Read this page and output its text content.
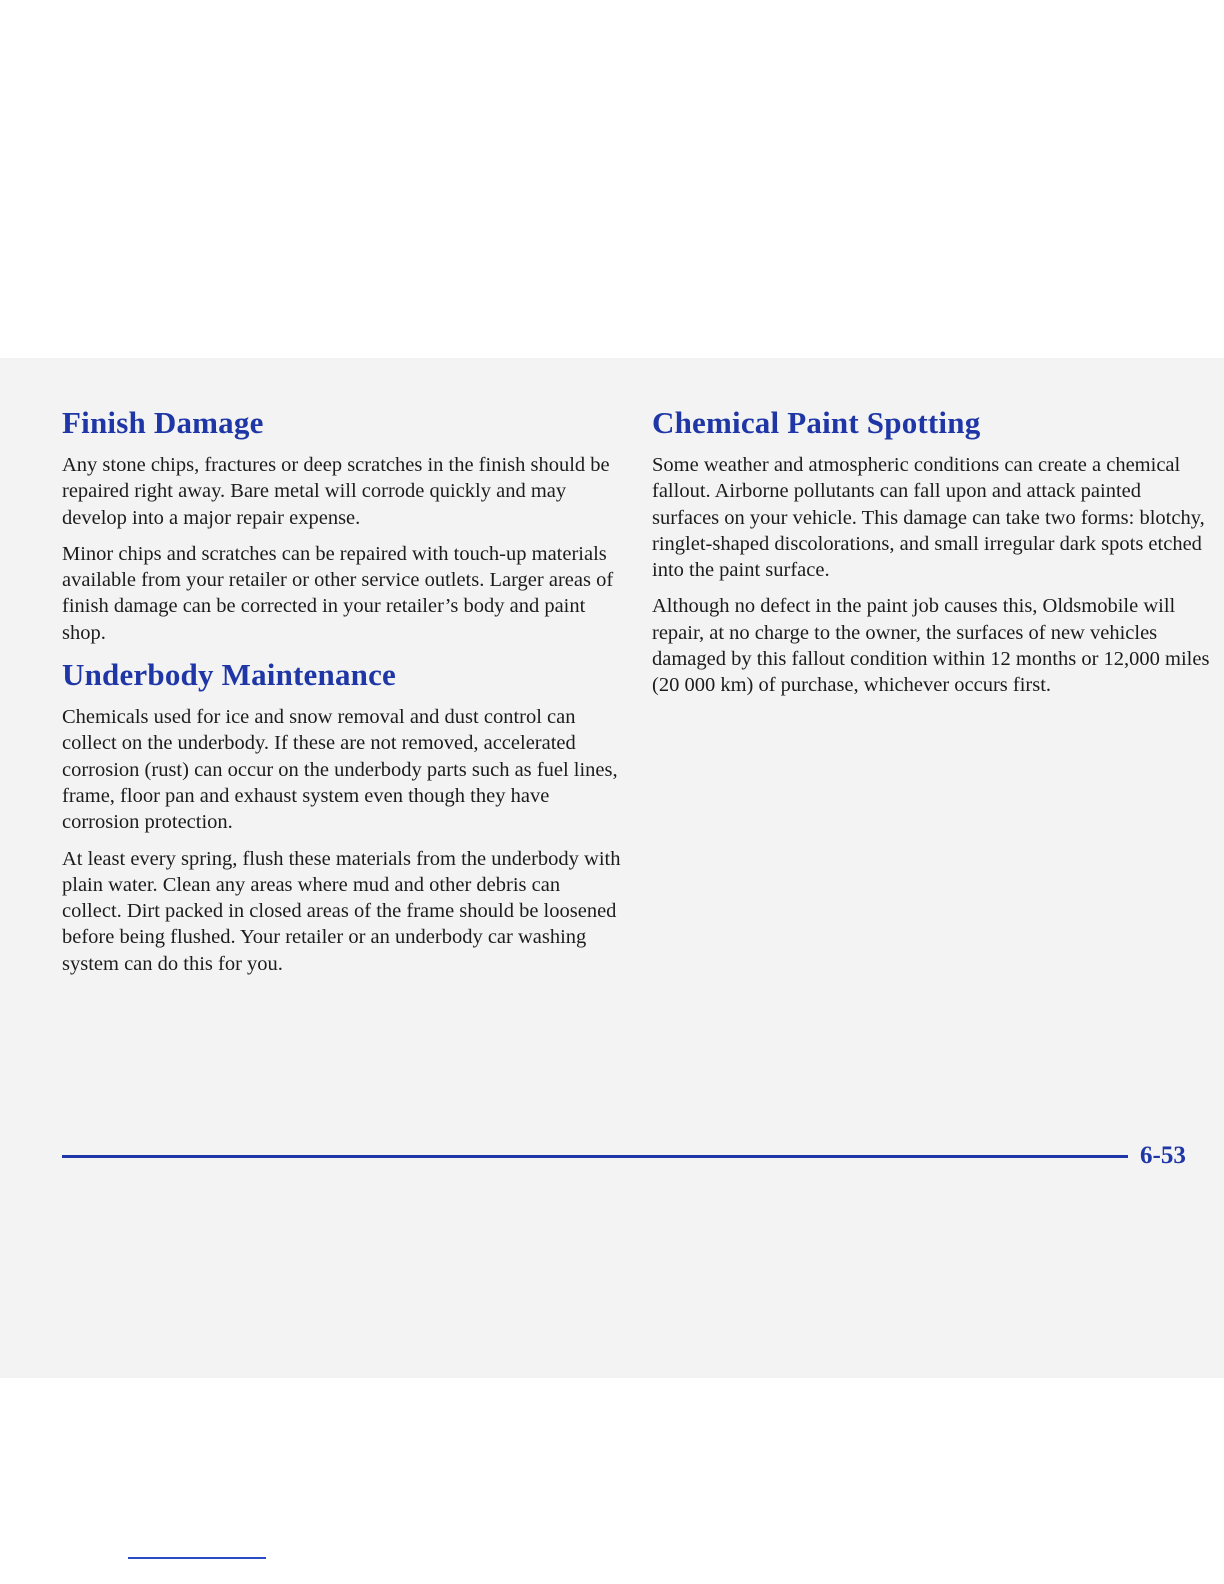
Finish Damage

Any stone chips, fractures or deep scratches in the finish should be repaired right away. Bare metal will corrode quickly and may develop into a major repair expense.

Minor chips and scratches can be repaired with touch-up materials available from your retailer or other service outlets. Larger areas of finish damage can be corrected in your retailer’s body and paint shop.

Underbody Maintenance

Chemicals used for ice and snow removal and dust control can collect on the underbody. If these are not removed, accelerated corrosion (rust) can occur on the underbody parts such as fuel lines, frame, floor pan and exhaust system even though they have corrosion protection.

At least every spring, flush these materials from the underbody with plain water. Clean any areas where mud and other debris can collect. Dirt packed in closed areas of the frame should be loosened before being flushed. Your retailer or an underbody car washing system can do this for you.

Chemical Paint Spotting

Some weather and atmospheric conditions can create a chemical fallout. Airborne pollutants can fall upon and attack painted surfaces on your vehicle. This damage can take two forms: blotchy, ringlet-shaped discolorations, and small irregular dark spots etched into the paint surface.

Although no defect in the paint job causes this, Oldsmobile will repair, at no charge to the owner, the surfaces of new vehicles damaged by this fallout condition within 12 months or 12,000 miles (20 000 km) of purchase, whichever occurs first.

6-53
